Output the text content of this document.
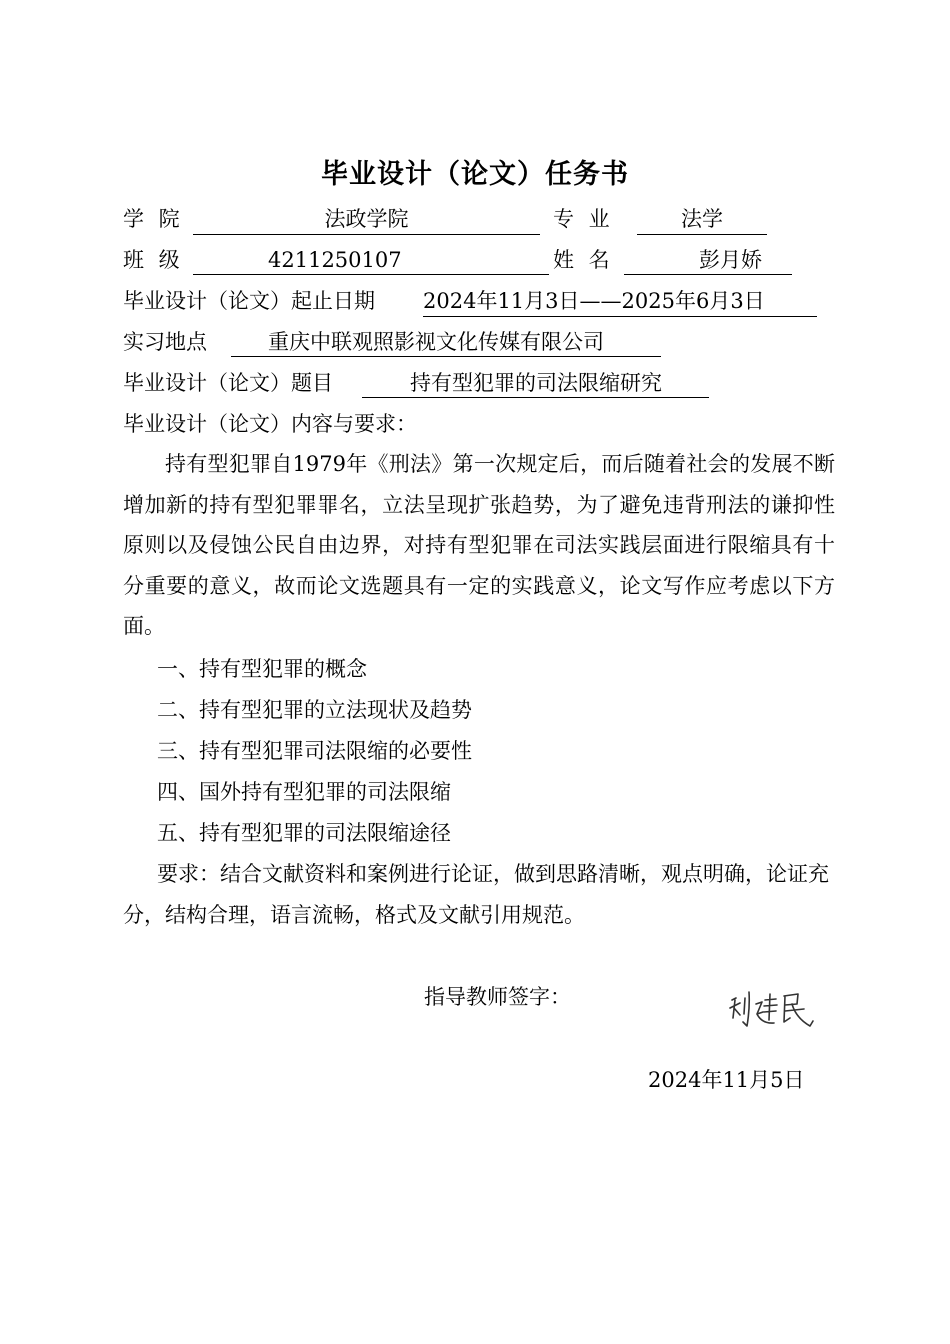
毕业设计（论文）任务书
学 院	法政学院	专 业	法学
班 级	4211250107	姓 名	彭月娇
毕业设计（论文）起止日期 2024年11月3日——2025年6月3日
实习地点	重庆中联观照影视文化传媒有限公司
毕业设计（论文）题目	持有型犯罪的司法限缩研究
毕业设计（论文）内容与要求：
持有型犯罪自1979年《刑法》第一次规定后，而后随着社会的发展不断增加新的持有型犯罪罪名，立法呈现扩张趋势，为了避免违背刑法的谦抑性原则以及侵蚀公民自由边界，对持有型犯罪在司法实践层面进行限缩具有十分重要的意义，故而论文选题具有一定的实践意义，论文写作应考虑以下方面。
一、持有型犯罪的概念
二、持有型犯罪的立法现状及趋势
三、持有型犯罪司法限缩的必要性
四、国外持有型犯罪的司法限缩
五、持有型犯罪的司法限缩途径
要求：结合文献资料和案例进行论证，做到思路清晰，观点明确，论证充分，结构合理，语言流畅，格式及文献引用规范。
指导教师签字：
2024年11月5日
